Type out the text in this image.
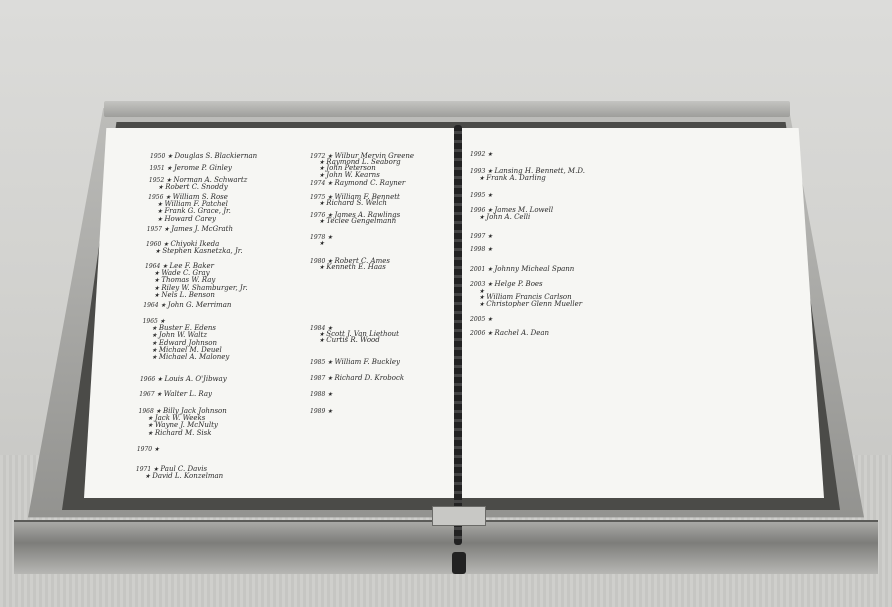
1950 ★ Douglas S. Blackiernan
1951 ★ Jerome P. Ginley
1952 ★ Norman A. Schwartz
  ★ Robert C. Snoddy
1956 ★ William S. Rose
  ★ William F. Patchel
  ★ Frank G. Grace, Jr.
  ★ Howard Carey
1957 ★ James J. McGrath
1960 ★ Chiyoki Ikeda
  ★ Stephen Kasnetzka, Jr.
1964 ★ Lee F. Baker
  ★ Wade C. Gray
  ★ Thomas W. Ray
  ★ Riley W. Shamburger, Jr.
  ★ Nels L. Benson
1964 ★ John G. Merriman
1965 ★
  ★ Buster E. Edens
  ★ John W. Waltz
  ★ Edward Johnson
  ★ Michael M. Deuel
  ★ Michael A. Maloney
1966 ★ Louis A. O'Jibway
1967 ★ Walter L. Ray
1968 ★ Billy Jack Johnson
  ★ Jack W. Weeks
  ★ Wayne J. McNulty
  ★ Richard M. Sisk
1970 ★
1971 ★ Paul C. Davis
  ★ David L. Konzelman
1972 ★ Wilbur Mervin Greene
  ★ Raymond L. Seaborg
  ★ John Peterson
  ★ John W. Kearns
1974 ★ Raymond C. Rayner
1975 ★ William F. Bennett
  ★ Richard S. Welch
1976 ★ James A. Rawlings
  ★ Teclee Gengelmann
1978 ★
  ★
1980 ★ Robert C. Ames
  ★ Kenneth E. Haas
1984 ★
  ★ Scott J. Van Liethout
  ★ Curtis R. Wood
1985 ★ William F. Buckley
1987 ★ Richard D. Krobock
1988 ★
1989 ★
1992 ★
1993 ★ Lansing H. Bennett, M.D.
  ★ Frank A. Darling
1995 ★
1996 ★ James M. Lowell
  ★ John A. Celli
1997 ★
1998 ★
2001 ★ Johnny Micheal Spann
2003 ★ Helge P. Boes
  ★
  ★ William Francis Carlson
  ★ Christopher Glenn Mueller
2005 ★
2006 ★ Rachel A. Dean
